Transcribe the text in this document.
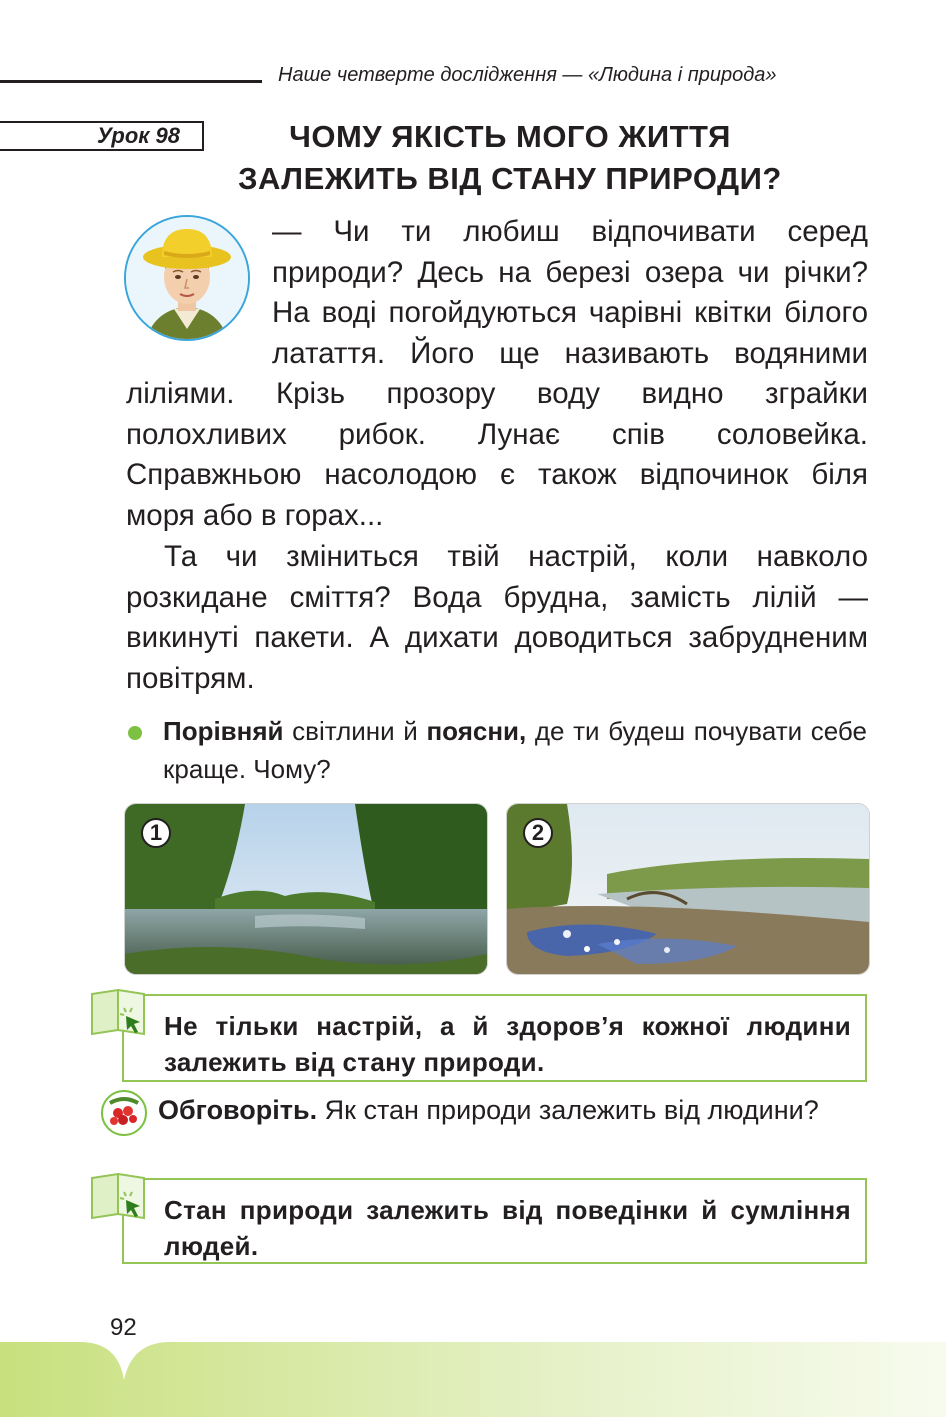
Наше четверте дослідження — «Людина і природа»
Урок 98	ЧОМУ ЯКІСТЬ МОГО ЖИТТЯ
ЗАЛЕЖИТЬ ВІД СТАНУ ПРИРОДИ?
— Чи ти любиш відпочивати серед природи? Десь на березі озера чи річки? На воді погойдуються чарівні квітки білого латаття. Його ще називають водяними ліліями. Крізь прозору воду видно зграйки полохливих рибок. Лунає спів соловейка. Справжньою насолодою є також відпочинок біля моря або в горах...
Та чи зміниться твій настрій, коли навколо розкидане сміття? Вода брудна, замість лілій — викинуті пакети. А дихати доводиться забрудненим повітрям.
Порівняй світлини й поясни, де ти будеш почувати себе краще. Чому?
1	2
Не тільки настрій, а й здоров’я кожної людини залежить від стану природи.
Обговоріть. Як стан природи залежить від людини?
Стан природи залежить від поведінки й сумління людей.
92
